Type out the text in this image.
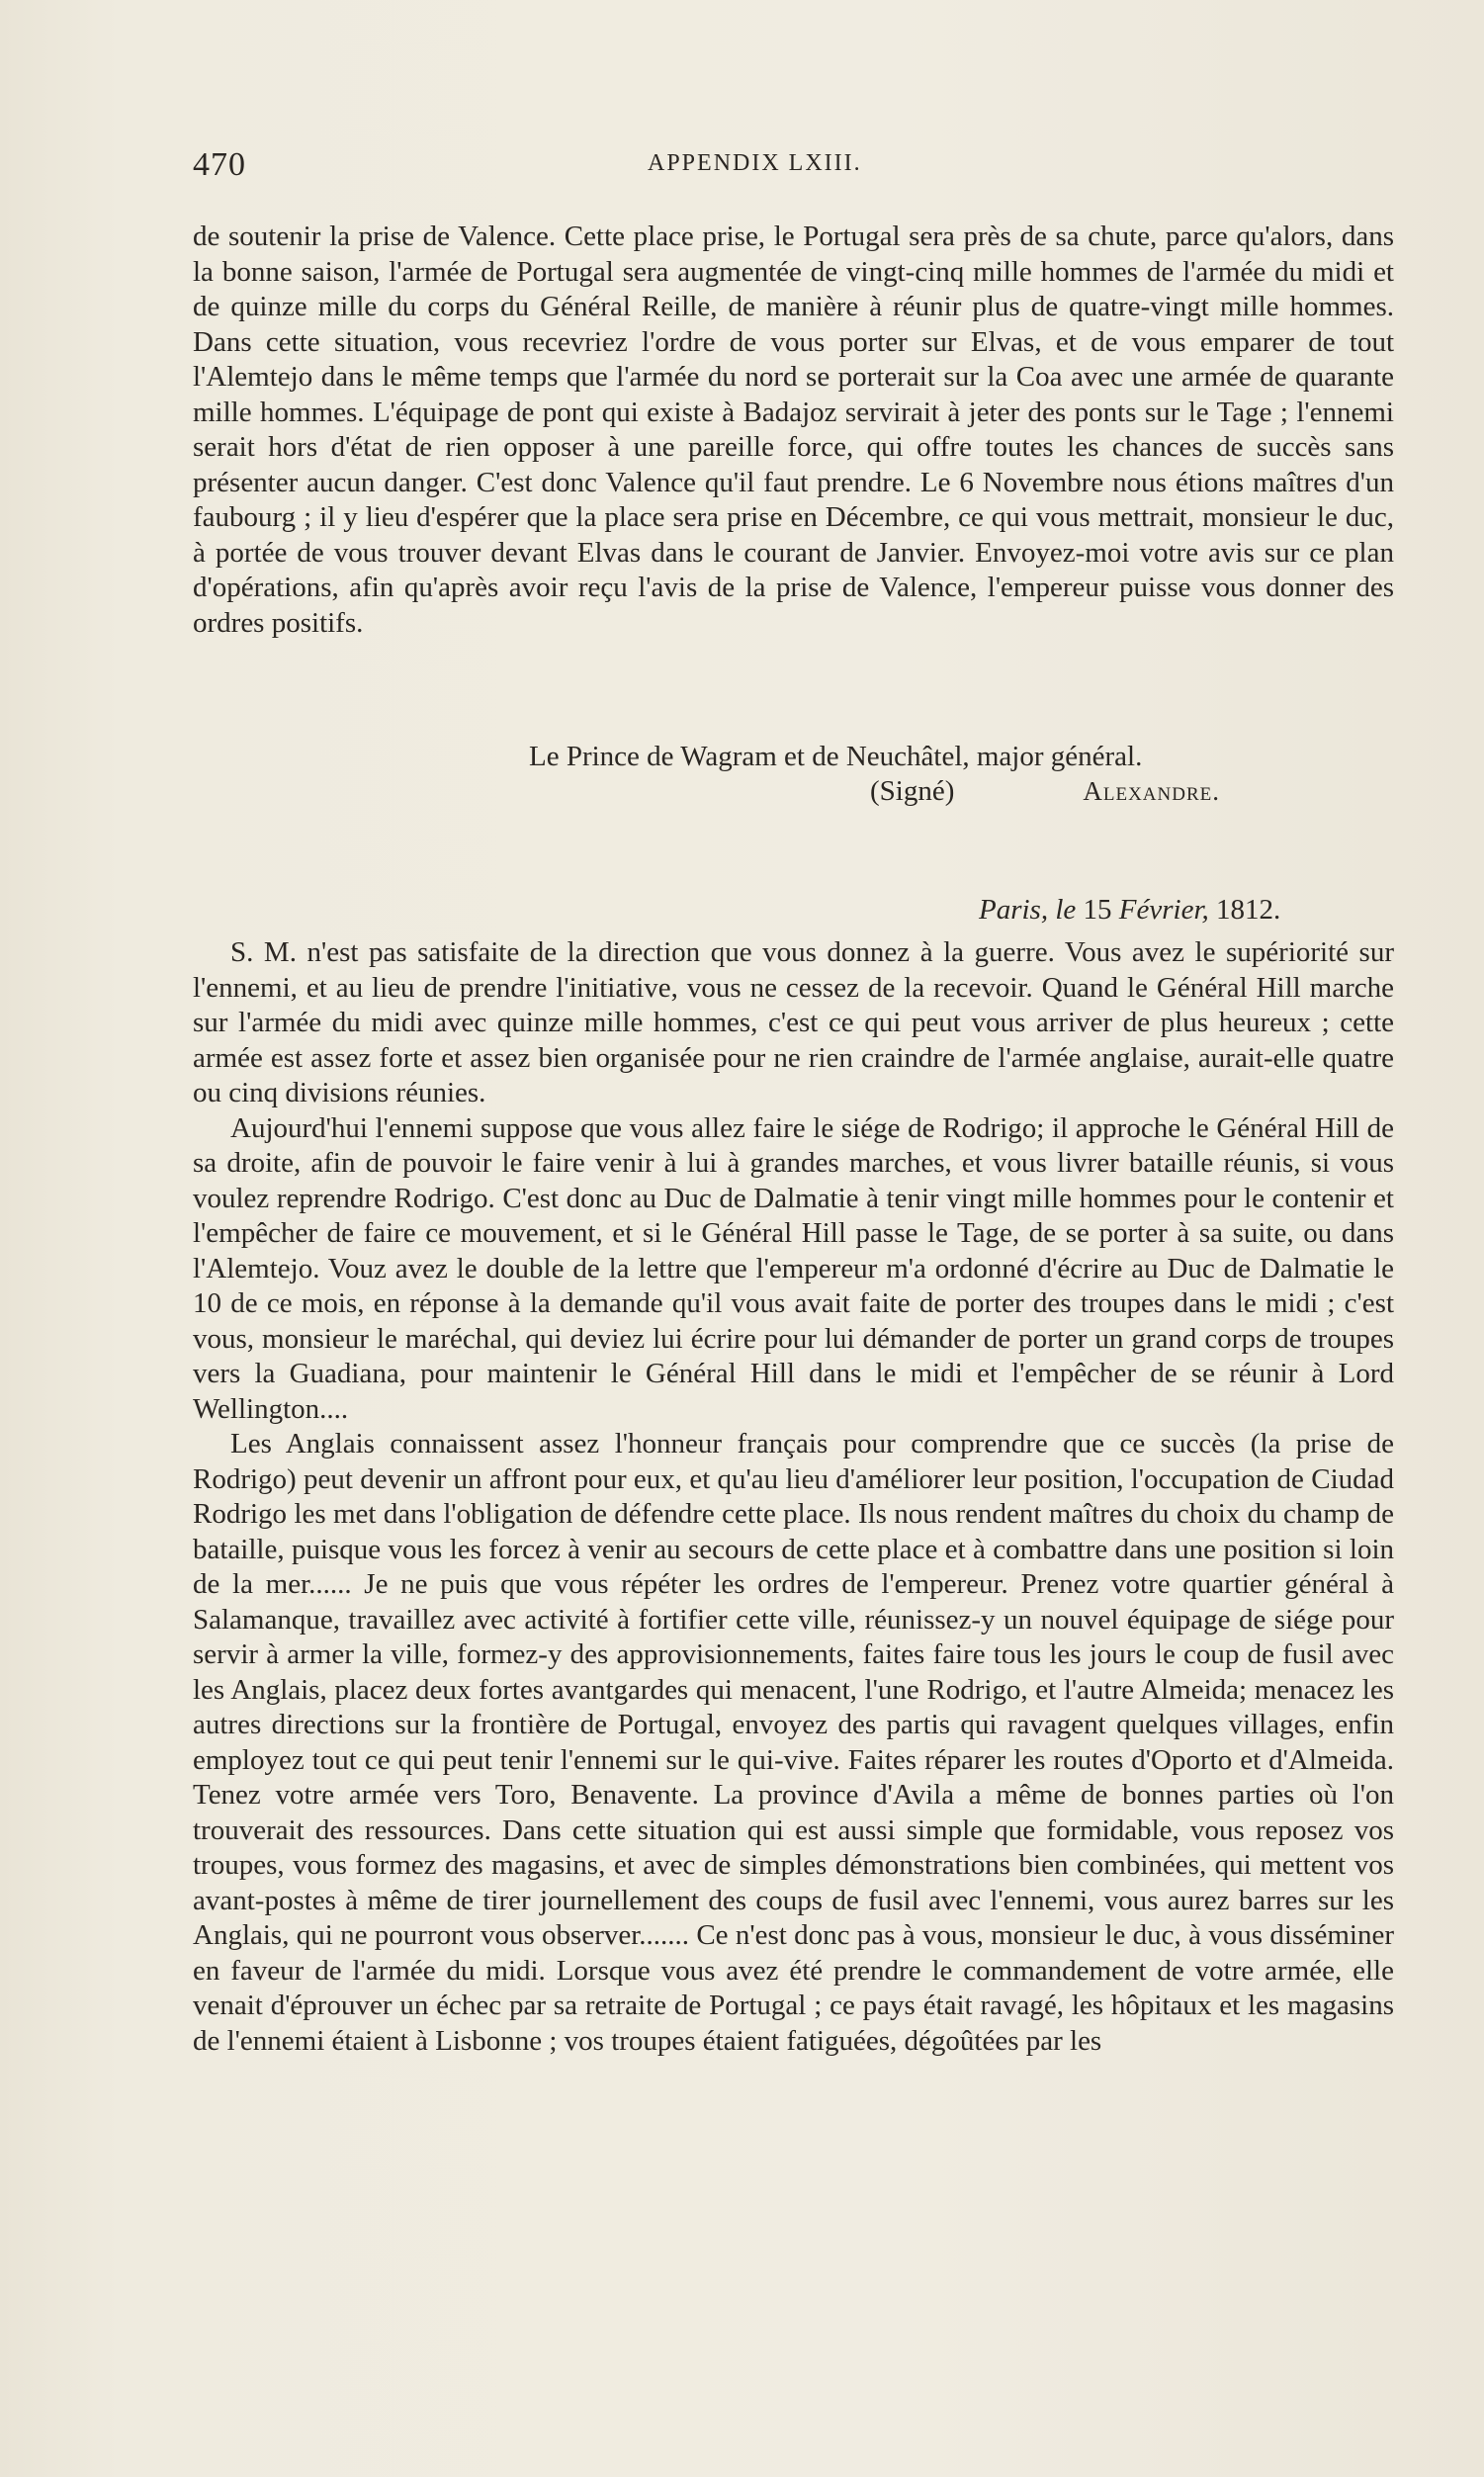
470	APPENDIX LXIII.

de soutenir la prise de Valence. Cette place prise, le Portugal sera près de sa chute, parce qu'alors, dans la bonne saison, l'armée de Portugal sera augmentée de vingt-cinq mille hommes de l'armée du midi et de quinze mille du corps du Général Reille, de manière à réunir plus de quatre-vingt mille hommes. Dans cette situation, vous recevriez l'ordre de vous porter sur Elvas, et de vous emparer de tout l'Alemtejo dans le même temps que l'armée du nord se porterait sur la Coa avec une armée de quarante mille hommes. L'équipage de pont qui existe à Badajoz servirait à jeter des ponts sur le Tage ; l'ennemi serait hors d'état de rien opposer à une pareille force, qui offre toutes les chances de succès sans présenter aucun danger. C'est donc Valence qu'il faut prendre. Le 6 Novembre nous étions maîtres d'un faubourg ; il y lieu d'espérer que la place sera prise en Décembre, ce qui vous mettrait, monsieur le duc, à portée de vous trouver devant Elvas dans le courant de Janvier. Envoyez-moi votre avis sur ce plan d'opérations, afin qu'après avoir reçu l'avis de la prise de Valence, l'empereur puisse vous donner des ordres positifs.

Le Prince de Wagram et de Neuchâtel, major général.
(Signé)	Alexandre.
Paris, le 15 Février, 1812.

S. M. n'est pas satisfaite de la direction que vous donnez à la guerre. Vous avez le supériorité sur l'ennemi, et au lieu de prendre l'initiative, vous ne cessez de la recevoir. Quand le Général Hill marche sur l'armée du midi avec quinze mille hommes, c'est ce qui peut vous arriver de plus heureux ; cette armée est assez forte et assez bien organisée pour ne rien craindre de l'armée anglaise, aurait-elle quatre ou cinq divisions réunies.

Aujourd'hui l'ennemi suppose que vous allez faire le siége de Rodrigo; il approche le Général Hill de sa droite, afin de pouvoir le faire venir à lui à grandes marches, et vous livrer bataille réunis, si vous voulez reprendre Rodrigo. C'est donc au Duc de Dalmatie à tenir vingt mille hommes pour le contenir et l'empêcher de faire ce mouvement, et si le Général Hill passe le Tage, de se porter à sa suite, ou dans l'Alemtejo. Vouz avez le double de la lettre que l'empereur m'a ordonné d'écrire au Duc de Dalmatie le 10 de ce mois, en réponse à la demande qu'il vous avait faite de porter des troupes dans le midi ; c'est vous, monsieur le maréchal, qui deviez lui écrire pour lui démander de porter un grand corps de troupes vers la Guadiana, pour maintenir le Général Hill dans le midi et l'empêcher de se réunir à Lord Wellington....

Les Anglais connaissent assez l'honneur français pour comprendre que ce succès (la prise de Rodrigo) peut devenir un affront pour eux, et qu'au lieu d'améliorer leur position, l'occupation de Ciudad Rodrigo les met dans l'obligation de défendre cette place. Ils nous rendent maîtres du choix du champ de bataille, puisque vous les forcez à venir au secours de cette place et à combattre dans une position si loin de la mer...... Je ne puis que vous répéter les ordres de l'empereur. Prenez votre quartier général à Salamanque, travaillez avec activité à fortifier cette ville, réunissez-y un nouvel équipage de siége pour servir à armer la ville, formez-y des approvisionnements, faites faire tous les jours le coup de fusil avec les Anglais, placez deux fortes avantgardes qui menacent, l'une Rodrigo, et l'autre Almeida; menacez les autres directions sur la frontière de Portugal, envoyez des partis qui ravagent quelques villages, enfin employez tout ce qui peut tenir l'ennemi sur le qui-vive. Faites réparer les routes d'Oporto et d'Almeida. Tenez votre armée vers Toro, Benavente. La province d'Avila a même de bonnes parties où l'on trouverait des ressources. Dans cette situation qui est aussi simple que formidable, vous reposez vos troupes, vous formez des magasins, et avec de simples démonstrations bien combinées, qui mettent vos avant-postes à même de tirer journellement des coups de fusil avec l'ennemi, vous aurez barres sur les Anglais, qui ne pourront vous observer....... Ce n'est donc pas à vous, monsieur le duc, à vous disséminer en faveur de l'armée du midi. Lorsque vous avez été prendre le commandement de votre armée, elle venait d'éprouver un échec par sa retraite de Portugal ; ce pays était ravagé, les hôpitaux et les magasins de l'ennemi étaient à Lisbonne ; vos troupes étaient fatiguées, dégoûtées par les
